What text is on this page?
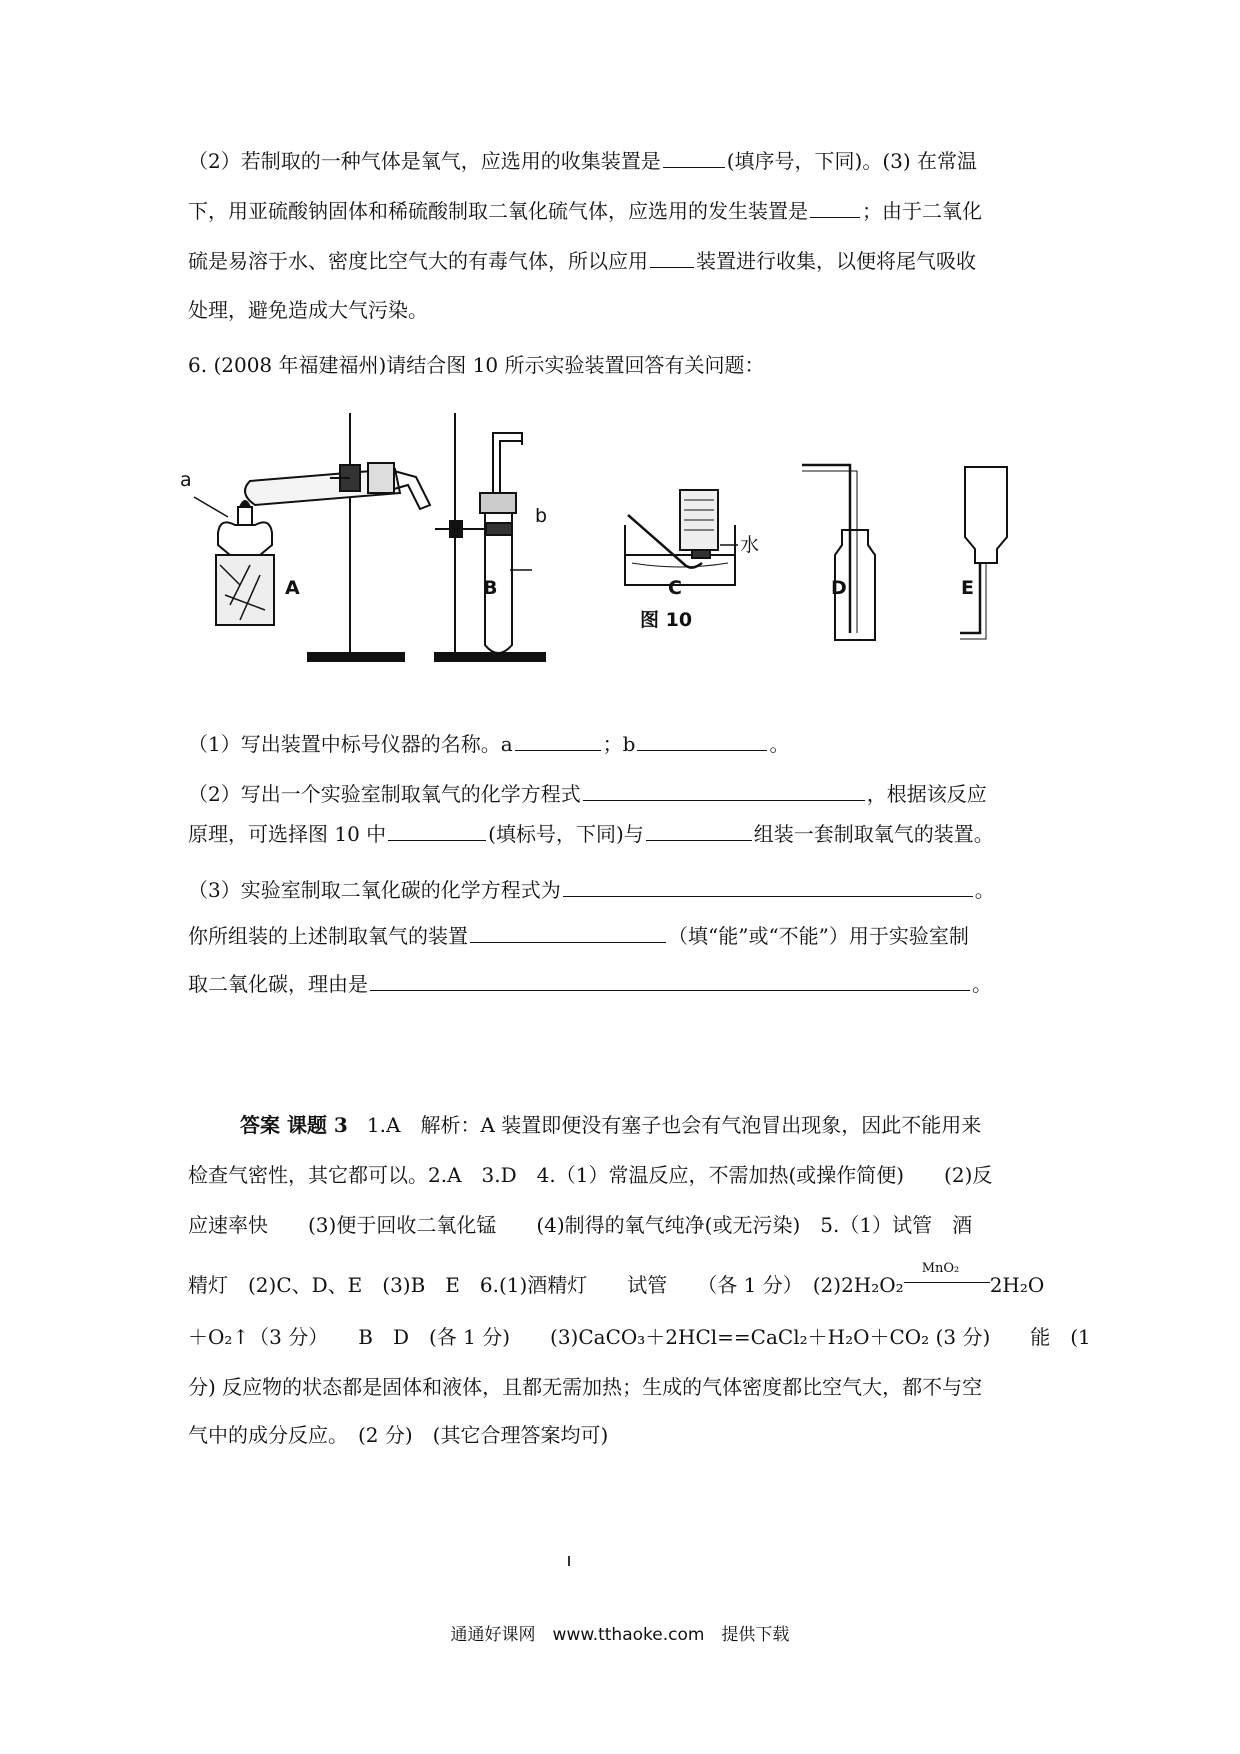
（2）若制取的一种气体是氧气，应选用的收集装置是	(填序号，下同)。(3) 在常温
下，用亚硫酸钠固体和稀硫酸制取二氧化硫气体，应选用的发生装置是	；由于二氧化
硫是易溶于水、密度比空气大的有毒气体，所以应用 装置进行收集，以便将尾气吸收
处理，避免造成大气污染。
6. (2008 年福建福州)请结合图 10 所示实验装置回答有关问题：
a
b
水
A	B	C	D	E
图 10
（1）写出装置中标号仪器的名称。a	；b	。
（2）写出一个实验室制取氧气的化学方程式	，根据该反应
原理，可选择图 10 中	(填标号，下同)与	组装一套制取氧气的装置。
（3）实验室制取二氧化碳的化学方程式为	。
你所组装的上述制取氧气的装置	（填“能”或“不能”）用于实验室制
取二氧化碳，理由是	。
答案 课题 3 1.A　解析：A 装置即便没有塞子也会有气泡冒出现象，因此不能用来
检查气密性，其它都可以。2.A　3.D　4.（1）常温反应，不需加热(或操作简便)　　(2)反
应速率快　　(3)便于回收二氧化锰　　(4)制得的氧气纯净(或无污染)　5.（1）试管　酒
精灯　(2)C、D、E　(3)B　E　6.(1)酒精灯　　试管　　（各 1 分）　(2)2H₂O₂
MnO₂
2H₂O
＋O₂↑（3 分）　　B　D　(各 1 分)　　(3)CaCO₃＋2HCl==CaCl₂＋H₂O＋CO₂ (3 分)　　能　(1
分) 反应物的状态都是固体和液体，且都无需加热；生成的气体密度都比空气大，都不与空
气中的成分反应。　(2 分)　(其它合理答案均可)
通通好课网　www.tthaoke.com　提供下载
